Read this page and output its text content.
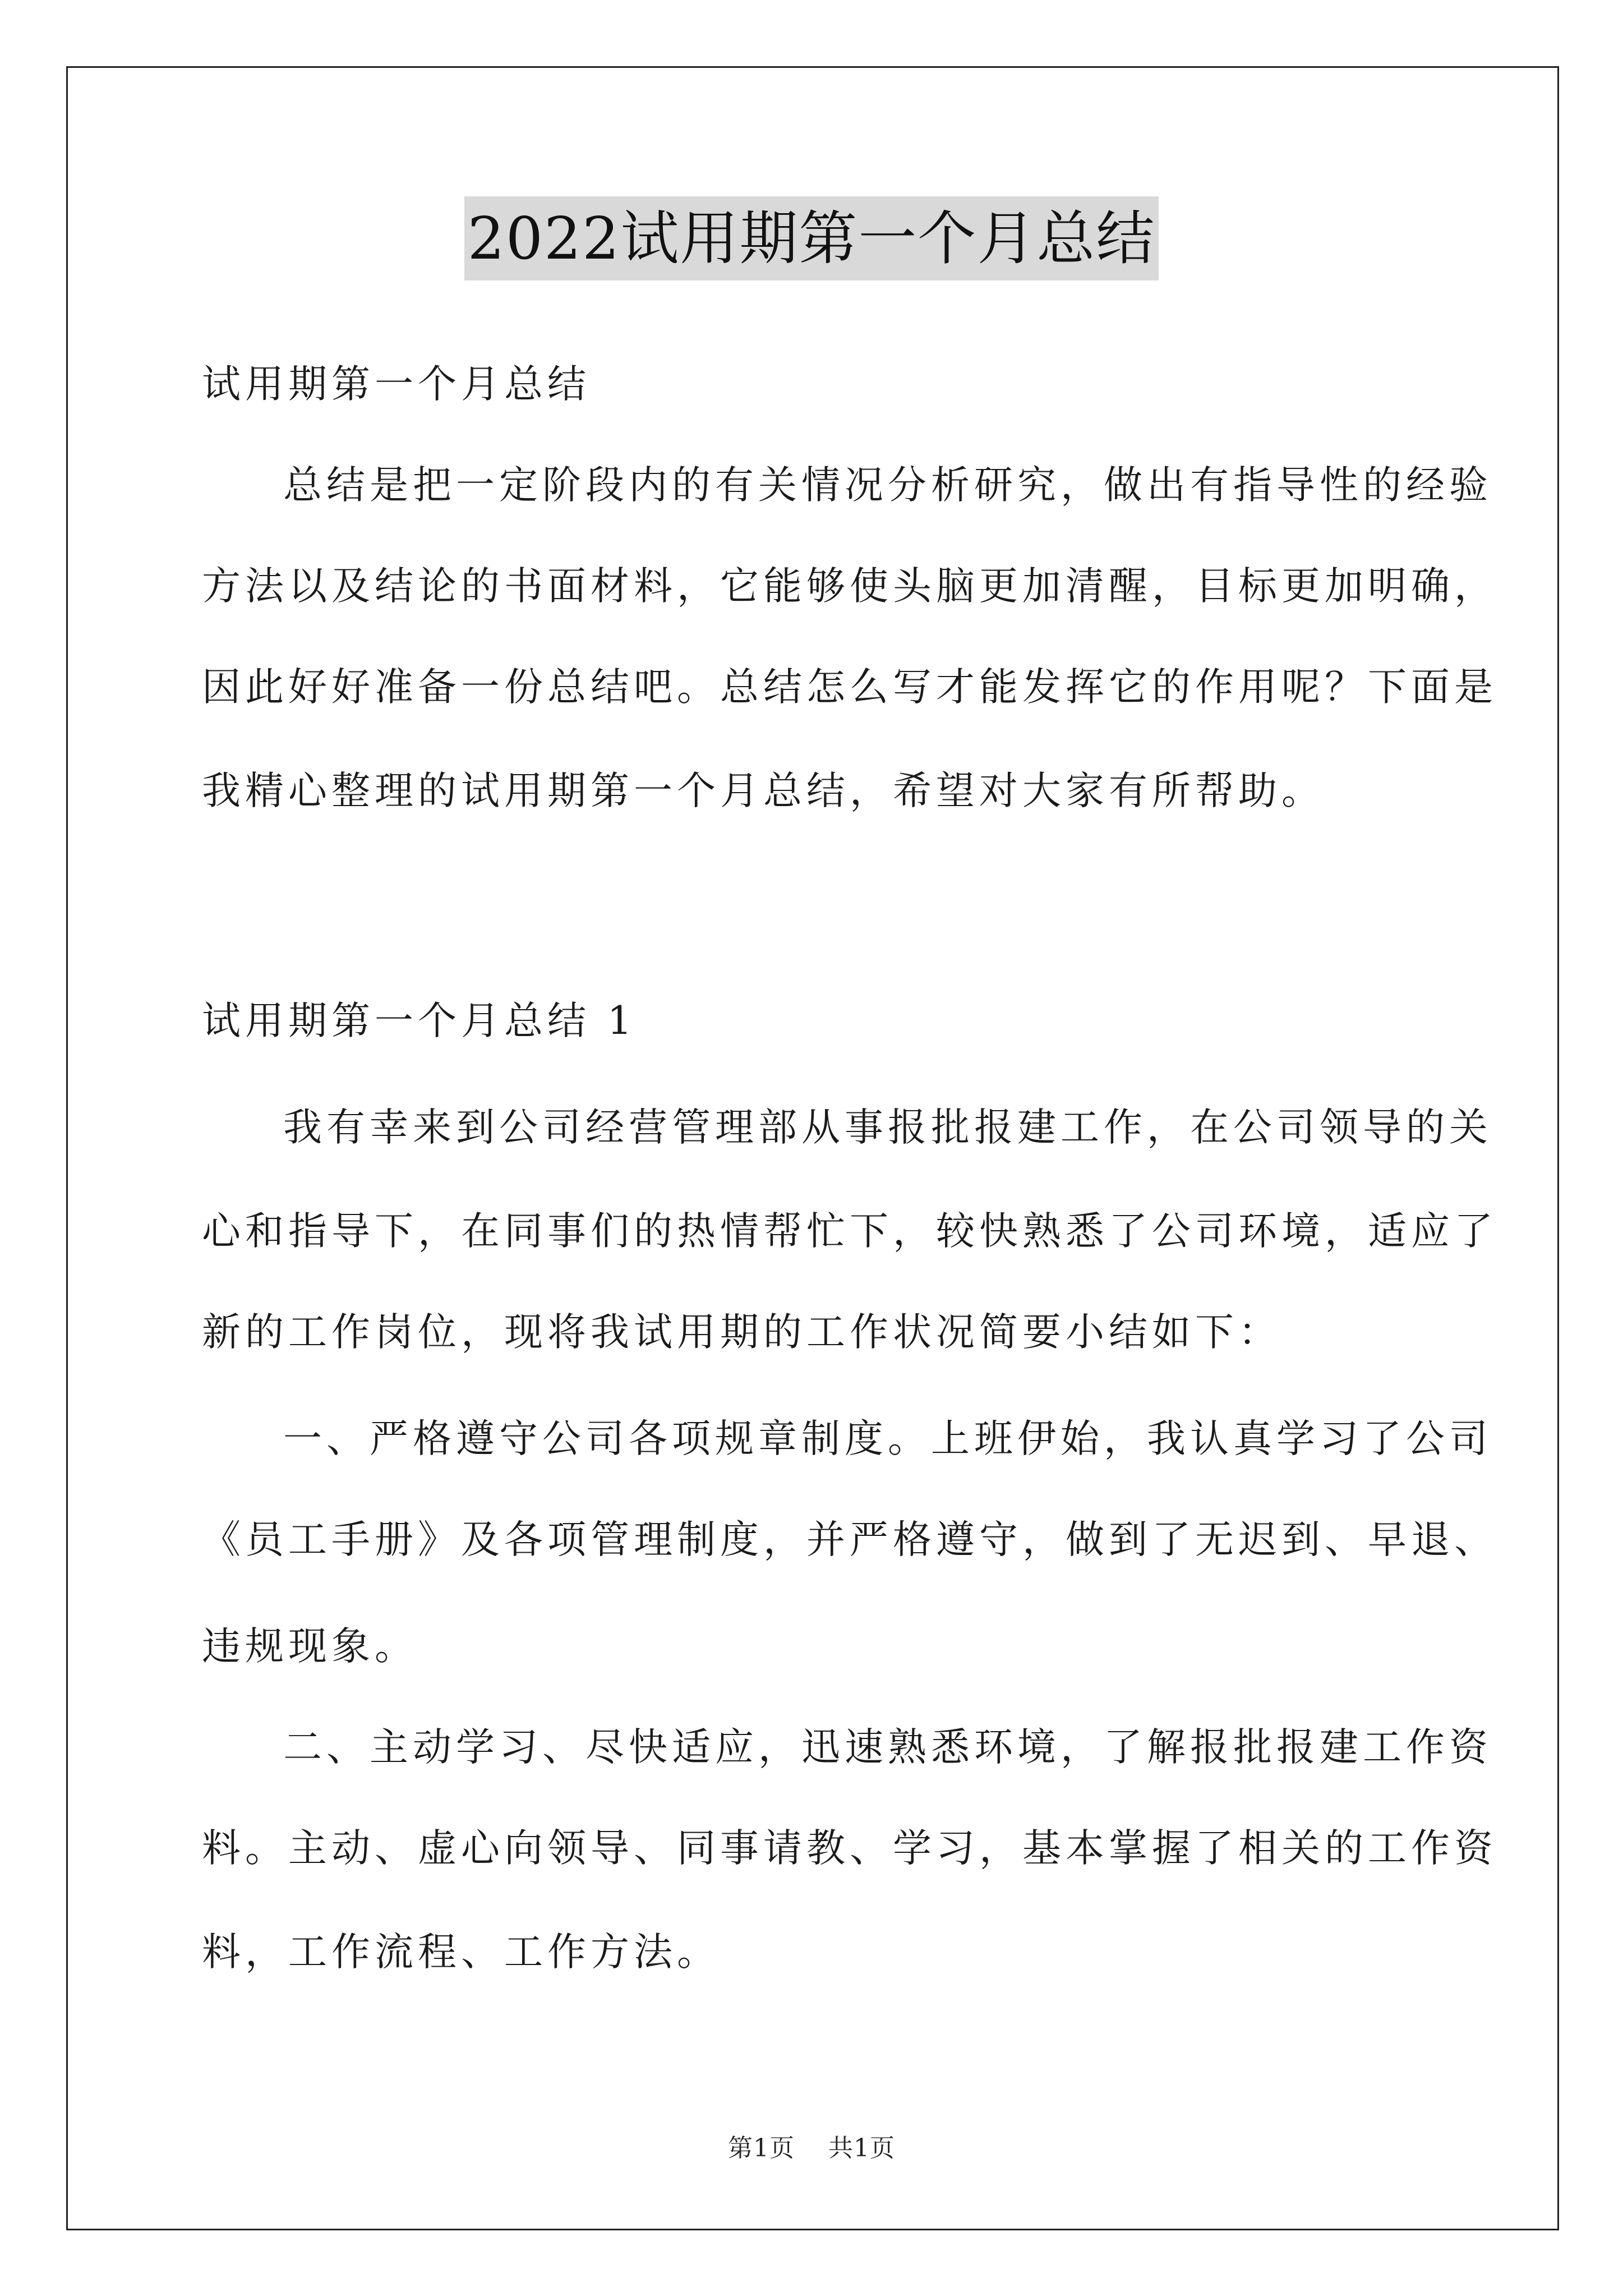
2022试用期第一个月总结
试用期第一个月总结
总结是把一定阶段内的有关情况分析研究，做出有指导性的经验
方法以及结论的书面材料，它能够使头脑更加清醒，目标更加明确，
因此好好准备一份总结吧。总结怎么写才能发挥它的作用呢？下面是
我精心整理的试用期第一个月总结，希望对大家有所帮助。
试用期第一个月总结 1
我有幸来到公司经营管理部从事报批报建工作，在公司领导的关
心和指导下，在同事们的热情帮忙下，较快熟悉了公司环境，适应了
新的工作岗位，现将我试用期的工作状况简要小结如下：
一、严格遵守公司各项规章制度。上班伊始，我认真学习了公司
《员工手册》及各项管理制度，并严格遵守，做到了无迟到、早退、
违规现象。
二、主动学习、尽快适应，迅速熟悉环境，了解报批报建工作资
料。主动、虚心向领导、同事请教、学习，基本掌握了相关的工作资
料，工作流程、工作方法。
第1页 共1页
